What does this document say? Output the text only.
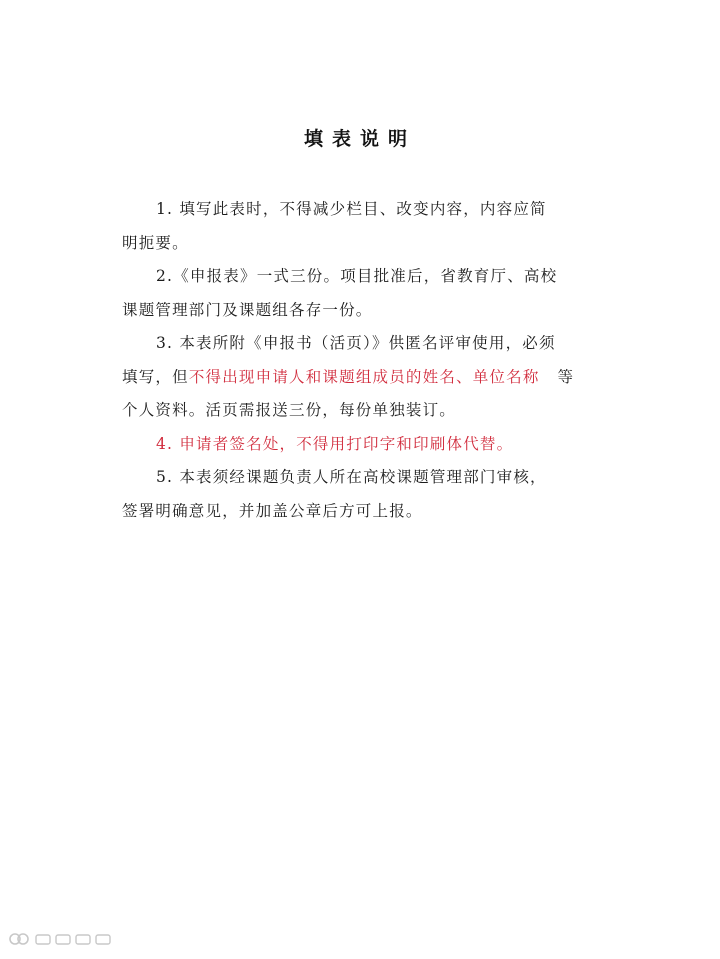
填表说明
1. 填写此表时，不得减少栏目、改变内容，内容应简
明扼要。
2.《申报表》一式三份。项目批准后，省教育厅、高校
课题管理部门及课题组各存一份。
3. 本表所附《申报书（活页）》供匿名评审使用，必须
填写，但不得出现申请人和课题组成员的姓名、单位名称 等
个人资料。活页需报送三份，每份单独装订。
4. 申请者签名处，不得用打印字和印刷体代替。
5. 本表须经课题负责人所在高校课题管理部门审核，
签署明确意见，并加盖公章后方可上报。
